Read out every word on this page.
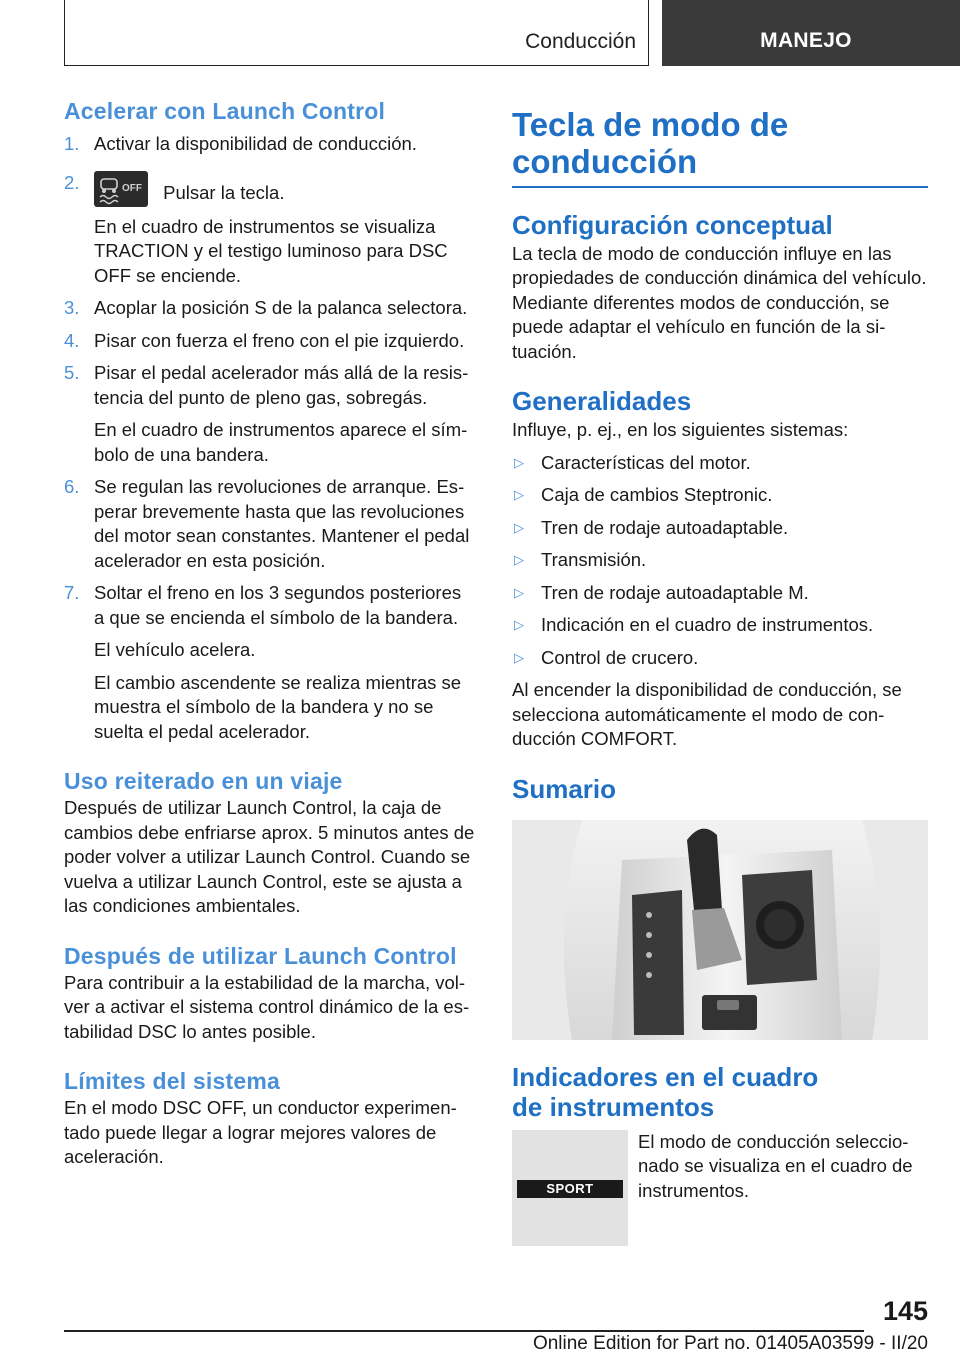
Conducción	MANEJO
Acelerar con Launch Control
1. Activar la disponibilidad de conducción.
2.	OFF Pulsar la tecla.
En el cuadro de instrumentos se visualiza TRACTION y el testigo luminoso para DSC OFF se enciende.
3. Acoplar la posición S de la palanca selectora.
4. Pisar con fuerza el freno con el pie izquierdo.
5. Pisar el pedal acelerador más allá de la resistencia del punto de pleno gas, sobregás.
En el cuadro de instrumentos aparece el símbolo de una bandera.
6. Se regulan las revoluciones de arranque. Esperar brevemente hasta que las revoluciones del motor sean constantes. Mantener el pedal acelerador en esta posición.
7. Soltar el freno en los 3 segundos posteriores a que se encienda el símbolo de la bandera.
El vehículo acelera.
El cambio ascendente se realiza mientras se muestra el símbolo de la bandera y no se suelta el pedal acelerador.
Uso reiterado en un viaje
Después de utilizar Launch Control, la caja de cambios debe enfriarse aprox. 5 minutos antes de poder volver a utilizar Launch Control. Cuando se vuelva a utilizar Launch Control, este se ajusta a las condiciones ambientales.
Después de utilizar Launch Control
Para contribuir a la estabilidad de la marcha, volver a activar el sistema control dinámico de la estabilidad DSC lo antes posible.
Límites del sistema
En el modo DSC OFF, un conductor experimentado puede llegar a lograr mejores valores de aceleración.
Tecla de modo de conducción
Configuración conceptual
La tecla de modo de conducción influye en las propiedades de conducción dinámica del vehículo. Mediante diferentes modos de conducción, se puede adaptar el vehículo en función de la situación.
Generalidades
Influye, p. ej., en los siguientes sistemas:
▷ Características del motor.
▷ Caja de cambios Steptronic.
▷ Tren de rodaje autoadaptable.
▷ Transmisión.
▷ Tren de rodaje autoadaptable M.
▷ Indicación en el cuadro de instrumentos.
▷ Control de crucero.
Al encender la disponibilidad de conducción, se selecciona automáticamente el modo de conducción COMFORT.
Sumario
Indicadores en el cuadro de instrumentos
SPORT
El modo de conducción seleccionado se visualiza en el cuadro de instrumentos.
145
Online Edition for Part no. 01405A03599 - II/20
